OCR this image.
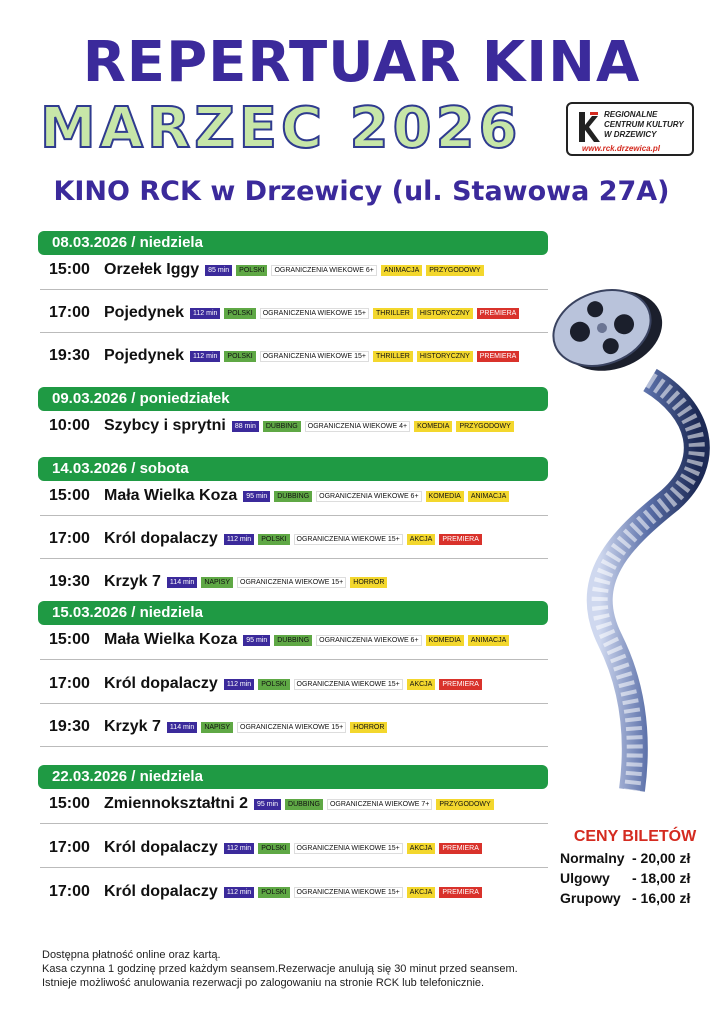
REPERTUAR KINA
MARZEC 2026	REGIONALNE
CENTRUM KULTURY
W DRZEWICY
www.rck.drzewica.pl
KINO RCK w Drzewicy (ul. Stawowa 27A)
08.03.2026 / niedziela
15:00 Orzełek Iggy	85 min	POLSKI	OGRANICZENIA WIEKOWE 6+	ANIMACJA	PRZYGODOWY
17:00 Pojedynek	112 min	POLSKI	OGRANICZENIA WIEKOWE 15+	THRILLER	HISTORYCZNY	PREMIERA
19:30 Pojedynek	112 min	POLSKI	OGRANICZENIA WIEKOWE 15+	THRILLER	HISTORYCZNY	PREMIERA
09.03.2026 / poniedziałek
10:00 Szybcy i sprytni	88 min	DUBBING	OGRANICZENIA WIEKOWE 4+	KOMEDIA	PRZYGODOWY
14.03.2026 / sobota
15:00 Mała Wielka Koza	95 min	DUBBING	OGRANICZENIA WIEKOWE 6+	KOMEDIA	ANIMACJA
17:00 Król dopalaczy	112 min	POLSKI	OGRANICZENIA WIEKOWE 15+	AKCJA	PREMIERA
19:30 Krzyk 7	114 min	NAPISY	OGRANICZENIA WIEKOWE 15+	HORROR
15.03.2026 / niedziela
15:00 Mała Wielka Koza	95 min	DUBBING	OGRANICZENIA WIEKOWE 6+	KOMEDIA	ANIMACJA
17:00 Król dopalaczy	112 min	POLSKI	OGRANICZENIA WIEKOWE 15+	AKCJA	PREMIERA
19:30 Krzyk 7	114 min	NAPISY	OGRANICZENIA WIEKOWE 15+	HORROR
22.03.2026 / niedziela
15:00 Zmiennokształtni 2	95 min	DUBBING	OGRANICZENIA WIEKOWE 7+	PRZYGODOWY
17:00 Król dopalaczy	112 min	POLSKI	OGRANICZENIA WIEKOWE 15+	AKCJA	PREMIERA
17:00 Król dopalaczy	112 min	POLSKI	OGRANICZENIA WIEKOWE 15+	AKCJA	PREMIERA
CENY BILETÓW
Normalny - 20,00 zł
Ulgowy	- 18,00 zł
Grupowy - 16,00 zł
Dostępna płatność online oraz kartą.
Kasa czynna 1 godzinę przed każdym seansem.Rezerwacje anulują się 30 minut przed seansem.
Istnieje możliwość anulowania rezerwacji po zalogowaniu na stronie RCK lub telefonicznie.
